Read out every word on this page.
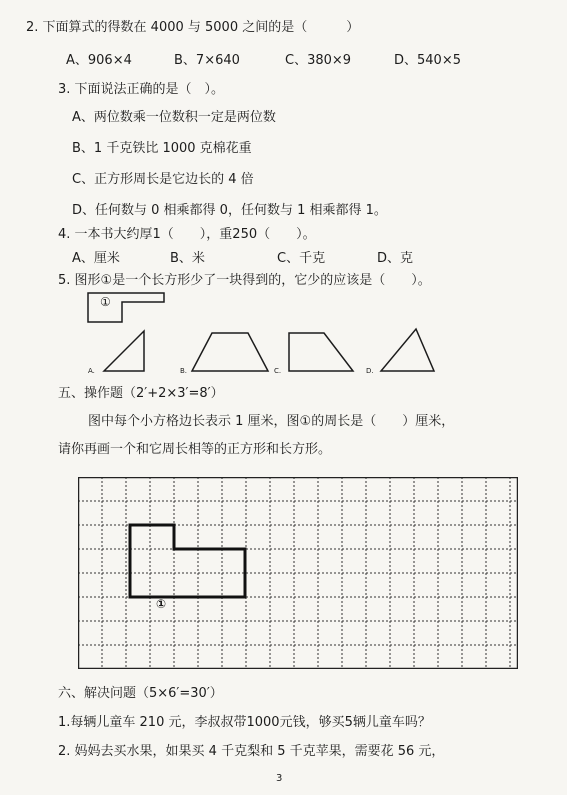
2. 下面算式的得数在 4000 与 5000 之间的是（　　　）
A、906×4	B、7×640	C、380×9	D、540×5
3. 下面说法正确的是（　）。
A、两位数乘一位数积一定是两位数
B、1 千克铁比 1000 克棉花重
C、正方形周长是它边长的 4 倍
D、任何数与 0 相乘都得 0，任何数与 1 相乘都得 1。
4. 一本书大约厚1（　　），重250（　　）。
A、厘米	B、米	C、千克	D、克
5. 图形①是一个长方形少了一块得到的，它少的应该是（　　）。
①
A.	B.	C.	D.
五、操作题（2′+2×3′=8′）
图中每个小方格边长表示 1 厘米，图①的周长是（　　）厘米，
请你再画一个和它周长相等的正方形和长方形。
①
六、解决问题（5×6′=30′）
1.每辆儿童车 210 元，李叔叔带1000元钱，够买5辆儿童车吗？
2. 妈妈去买水果，如果买 4 千克梨和 5 千克苹果，需要花 56 元，
3
